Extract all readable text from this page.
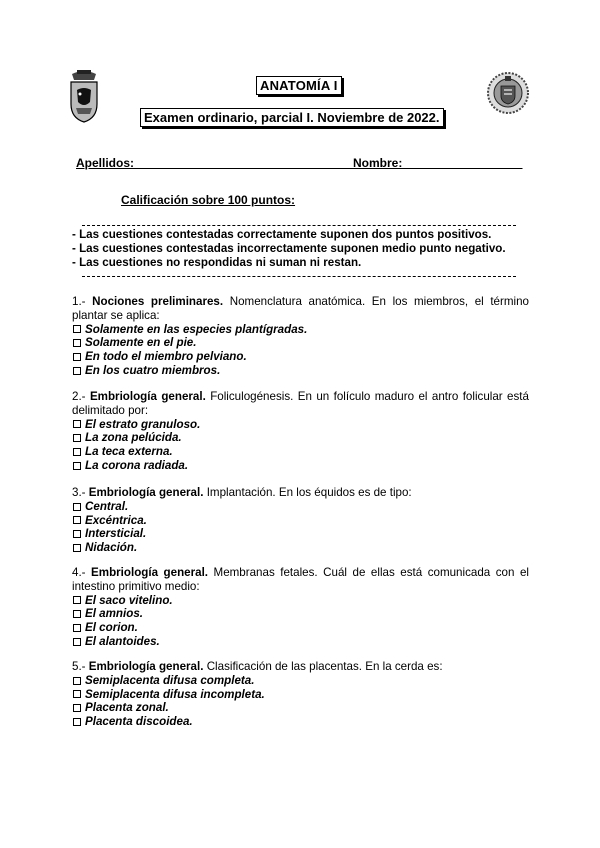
ANATOMÍA I
Examen ordinario, parcial I. Noviembre de 2022.
Apellidos:__________________________________
Nombre:__________________
Calificación sobre 100 puntos:
- Las cuestiones contestadas correctamente suponen dos puntos positivos.
- Las cuestiones contestadas incorrectamente suponen medio punto negativo.
- Las cuestiones no respondidas ni suman ni restan.
1.- Nociones preliminares. Nomenclatura anatómica. En los miembros, el término plantar se aplica:
Solamente en las especies plantígradas.
Solamente en el pie.
En todo el miembro pelviano.
En los cuatro miembros.
2.- Embriología general. Foliculogénesis. En un folículo maduro el antro folicular está delimitado por:
El estrato granuloso.
La zona pelúcida.
La teca externa.
La corona radiada.
3.- Embriología general. Implantación. En los équidos es de tipo:
Central.
Excéntrica.
Intersticial.
Nidación.
4.- Embriología general. Membranas fetales. Cuál de ellas está comunicada con el intestino primitivo medio:
El saco vitelino.
El amnios.
El corion.
El alantoides.
5.- Embriología general. Clasificación de las placentas. En la cerda es:
Semiplacenta difusa completa.
Semiplacenta difusa incompleta.
Placenta zonal.
Placenta discoidea.
